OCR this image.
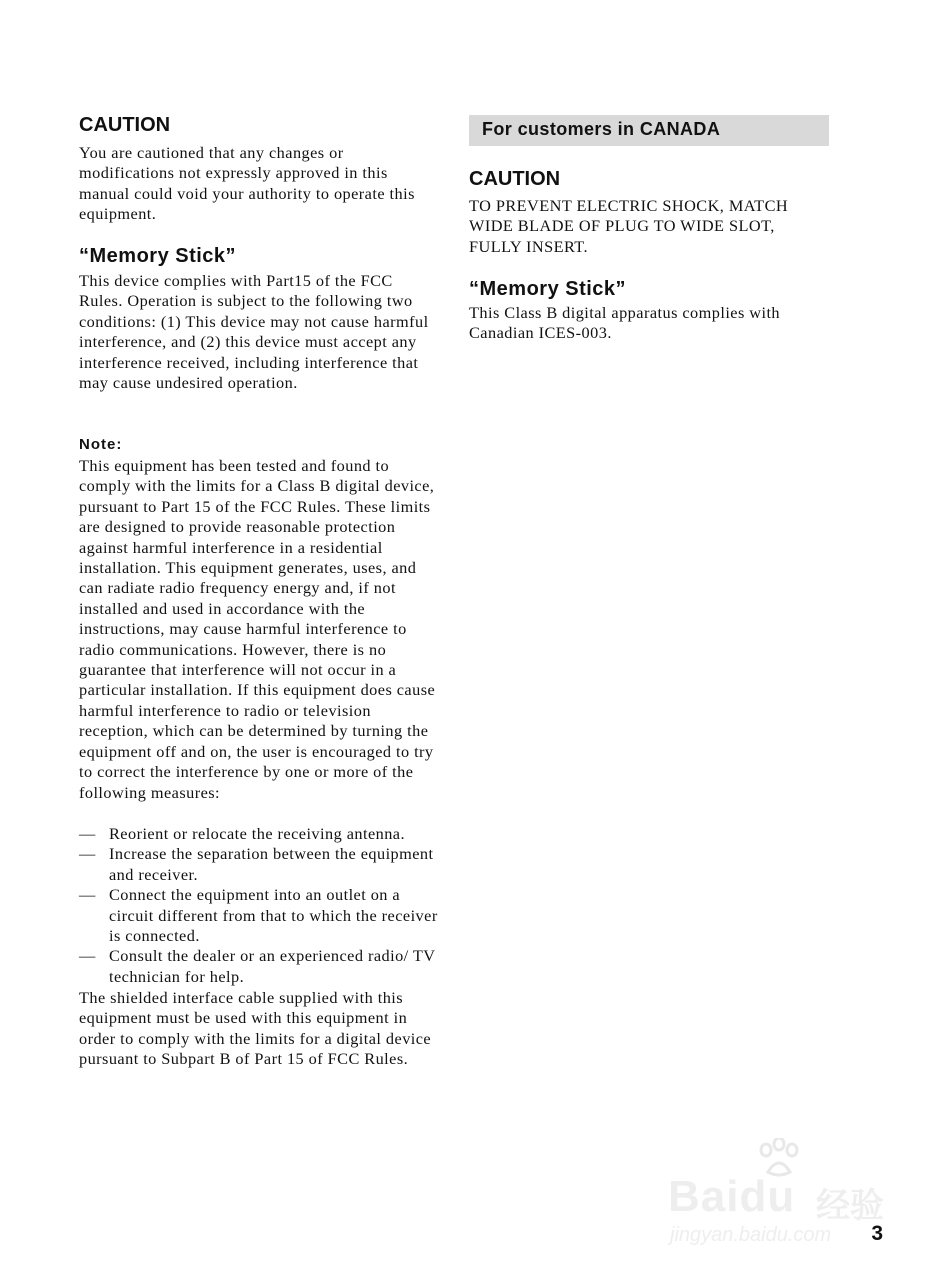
CAUTION

You are cautioned that any changes or modifications not expressly approved in this manual could void your authority to operate this equipment.

“Memory Stick”

This device complies with Part15 of the FCC Rules. Operation is subject to the following two conditions: (1) This device may not cause harmful interference, and (2) this device must accept any interference received, including interference that may cause undesired operation.

Note:

This equipment has been tested and found to comply with the limits for a Class B digital device, pursuant to Part 15 of the FCC Rules. These limits are designed to provide reasonable protection against harmful interference in a residential installation. This equipment generates, uses, and can radiate radio frequency energy and, if not installed and used in accordance with the instructions, may cause harmful interference to radio communications. However, there is no guarantee that interference will not occur in a particular installation. If this equipment does cause harmful interference to radio or television reception, which can be determined by turning the equipment off and on, the user is encouraged to try to correct the interference by one or more of the following measures:

— Reorient or relocate the receiving antenna.
— Increase the separation between the equipment and receiver.
— Connect the equipment into an outlet on a circuit different from that to which the receiver is connected.
— Consult the dealer or an experienced radio/ TV technician for help.

The shielded interface cable supplied with this equipment must be used with this equipment in order to comply with the limits for a digital device pursuant to Subpart B of Part 15 of FCC Rules.

For customers in CANADA
CAUTION

TO PREVENT ELECTRIC SHOCK, MATCH WIDE BLADE OF PLUG TO WIDE SLOT, FULLY INSERT.

“Memory Stick”

This Class B digital apparatus complies with Canadian ICES-003.

Baidu 经验
jingyan.baidu.com 3
